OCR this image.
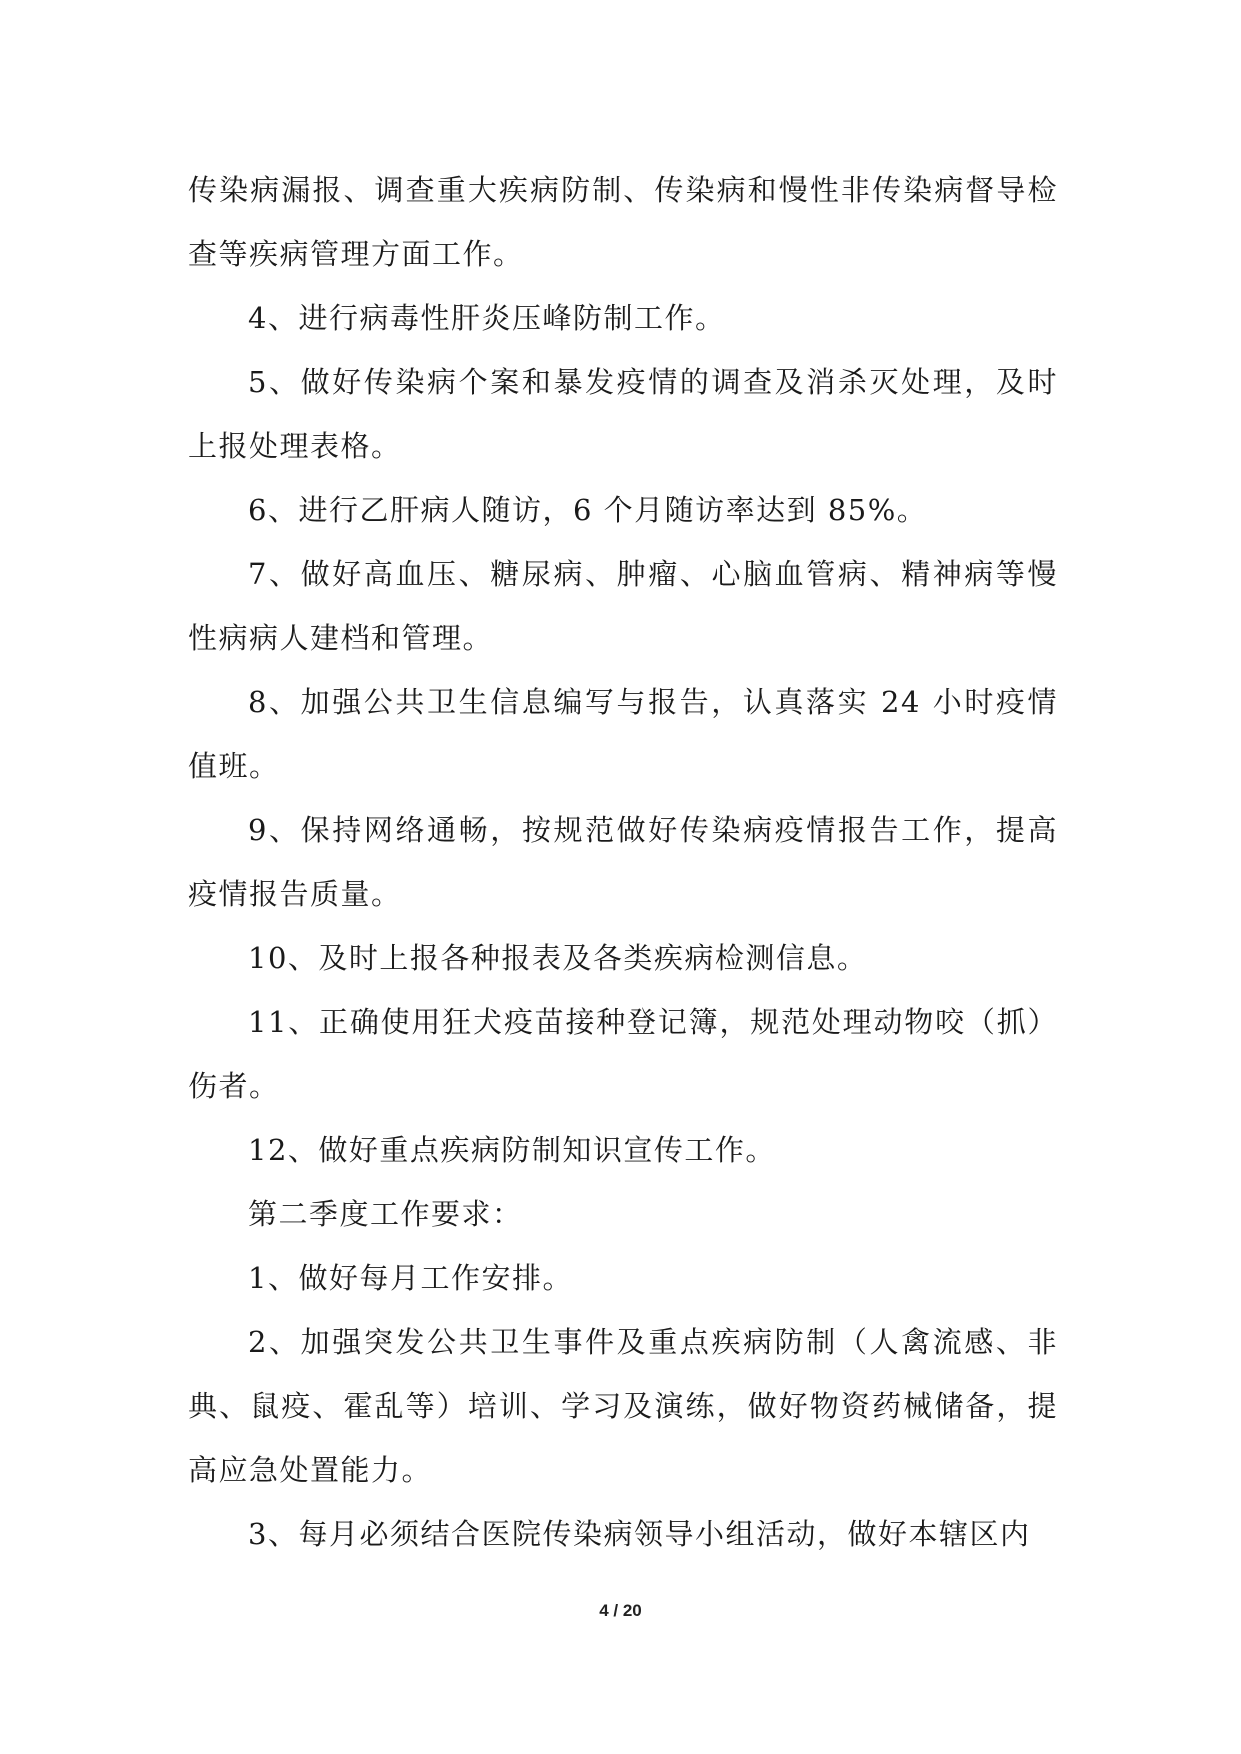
传染病漏报、调查重大疾病防制、传染病和慢性非传染病督导检查等疾病管理方面工作。

4、进行病毒性肝炎压峰防制工作。

5、做好传染病个案和暴发疫情的调查及消杀灭处理，及时上报处理表格。

6、进行乙肝病人随访，6 个月随访率达到 85%。

7、做好高血压、糖尿病、肿瘤、心脑血管病、精神病等慢性病病人建档和管理。

8、加强公共卫生信息编写与报告，认真落实 24 小时疫情值班。

9、保持网络通畅，按规范做好传染病疫情报告工作，提高疫情报告质量。

10、及时上报各种报表及各类疾病检测信息。

11、正确使用狂犬疫苗接种登记簿，规范处理动物咬（抓）伤者。

12、做好重点疾病防制知识宣传工作。

第二季度工作要求：

1、做好每月工作安排。

2、加强突发公共卫生事件及重点疾病防制（人禽流感、非典、鼠疫、霍乱等）培训、学习及演练，做好物资药械储备，提高应急处置能力。

3、每月必须结合医院传染病领导小组活动，做好本辖区内

4 / 20
